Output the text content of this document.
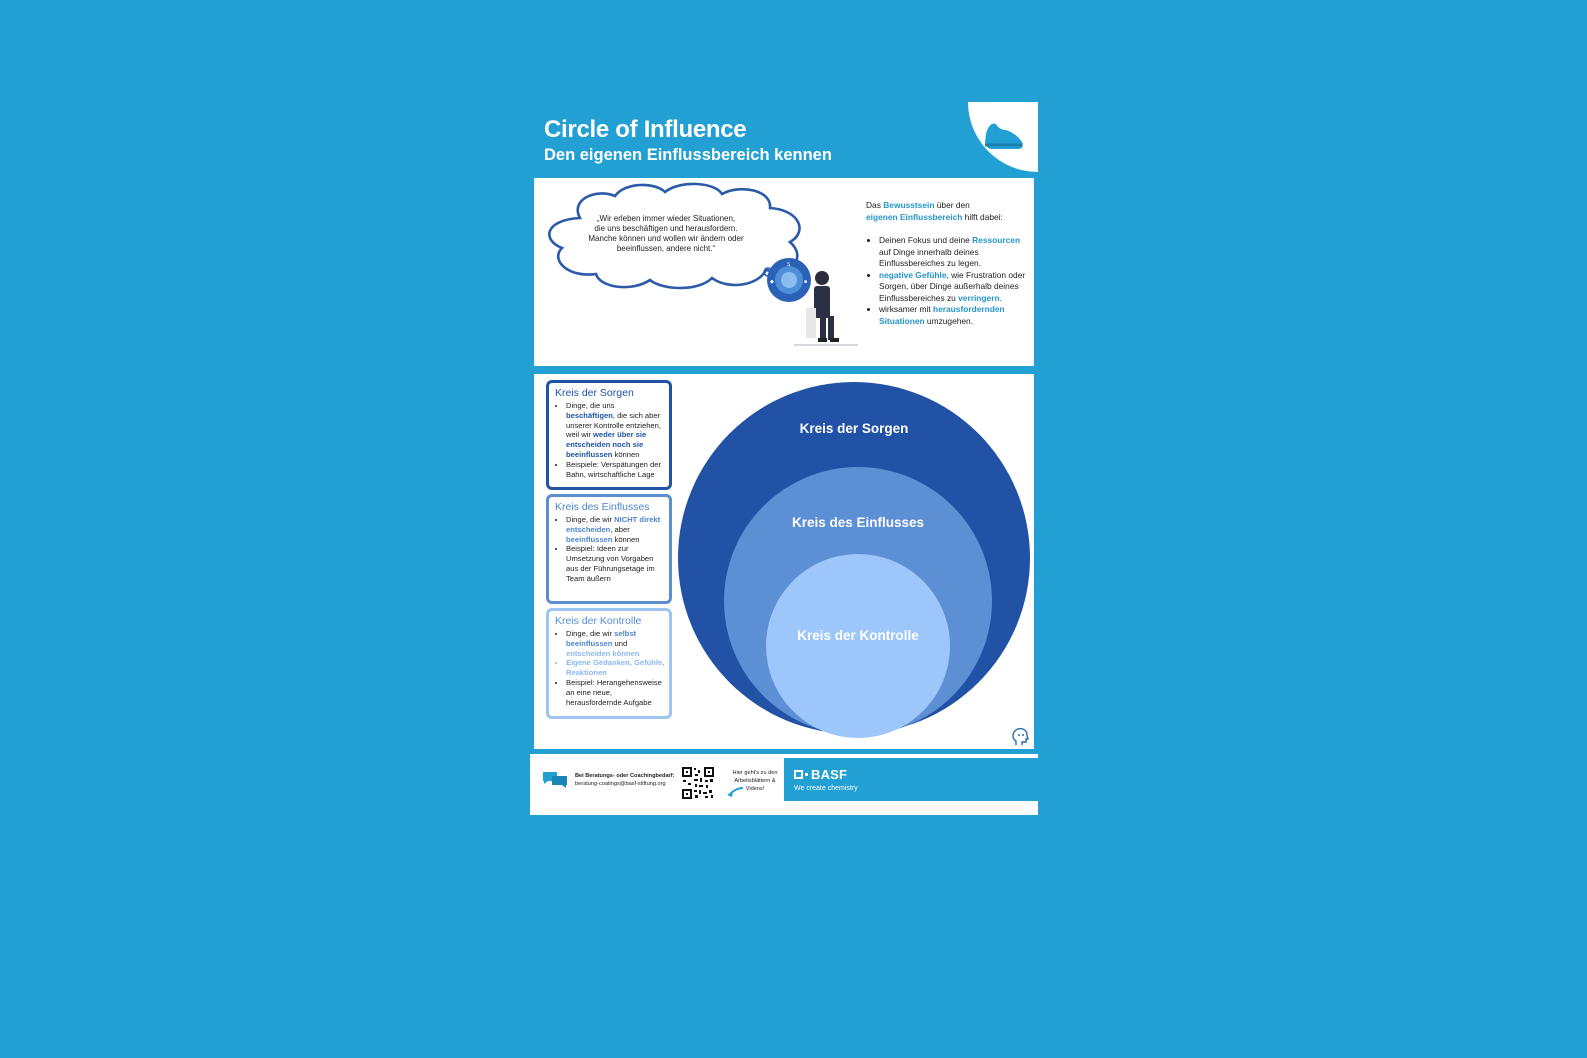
Circle of Influence
Den eigenen Einflussbereich kennen
„Wir erleben immer wieder Situationen,
die uns beschäftigen und herausfordern.
Manche können und wollen wir ändern oder
beeinflussen, andere nicht.“
S
◆	■
Das Bewusstsein über den
eigenen Einflussbereich hilft dabei:
• Deinen Fokus und deine Ressourcen auf Dinge innerhalb deines Einflussbereiches zu legen.
• negative Gefühle, wie Frustration oder Sorgen, über Dinge außerhalb deines Einflussbereiches zu verringern.
• wirksamer mit herausfordernden Situationen umzugehen.
Kreis der Sorgen
• Dinge, die uns beschäftigen, die sich aber unserer Kontrolle entziehen, weil wir weder über sie entscheiden noch sie beeinflussen können
• Beispiele: Verspätungen der Bahn, wirtschaftliche Lage
Kreis des Einflusses
• Dinge, die wir NICHT direkt entscheiden, aber beeinflussen können
• Beispiel: Ideen zur Umsetzung von Vorgaben aus der Führungsetage im Team äußern
Kreis der Kontrolle
• Dinge, die wir selbst beeinflussen und entscheiden können
• Eigene Gedanken, Gefühle, Reaktionen
• Beispiel: Herangehensweise an eine neue, herausfordernde Aufgabe
Kreis der Sorgen
Kreis des Einflusses
Kreis der Kontrolle
Bei Beratungs- oder Coachingbedarf:
beratung-coatings@basf-stiftung.org
Hier geht's zu den Arbeitsblättern & Videos!
BASF
We create chemistry
